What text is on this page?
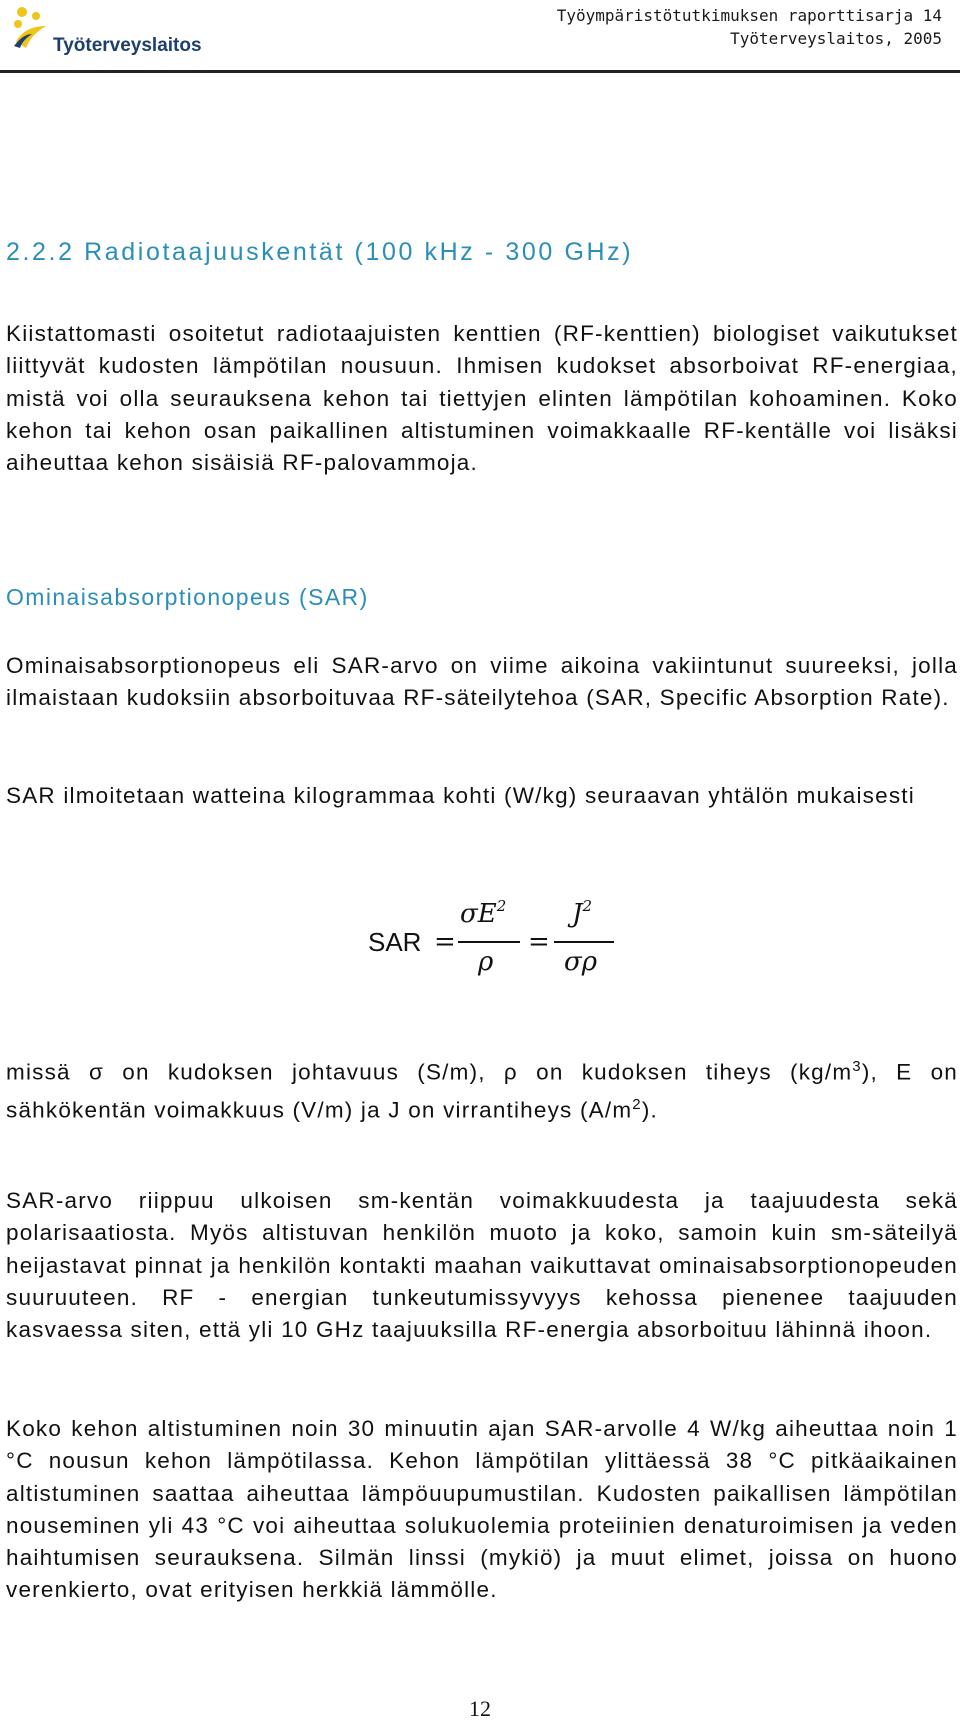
Työterveyslaitos
Työympäristötutkimuksen raporttisarja 14
Työterveyslaitos, 2005
2.2.2 Radiotaajuuskentät (100 kHz - 300 GHz)
Kiistattomasti osoitetut radiotaajuisten kenttien (RF-kenttien) biologiset vaikutukset liittyvät kudosten lämpötilan nousuun. Ihmisen kudokset absorboivat RF-energiaa, mistä voi olla seurauksena kehon tai tiettyjen elinten lämpötilan kohoaminen. Koko kehon tai kehon osan paikallinen altistuminen voimakkaalle RF-kentälle voi lisäksi aiheuttaa kehon sisäisiä RF-palovammoja.
Ominaisabsorptionopeus (SAR)
Ominaisabsorptionopeus eli SAR-arvo on viime aikoina vakiintunut suureeksi, jolla ilmaistaan kudoksiin absorboituvaa RF-säteilytehoa (SAR, Specific Absorption Rate).
SAR ilmoitetaan watteina kilogrammaa kohti (W/kg) seuraavan yhtälön mukaisesti
SAR =
$\sigma E^2$
ρ
=
$J^2$
σρ
missä σ on kudoksen johtavuus (S/m), ρ on kudoksen tiheys $(kg/m^3)$, E on sähkökentän voimakkuus (V/m) ja J on virrantiheys $(A/m^2)$.
SAR-arvo riippuu ulkoisen sm-kentän voimakkuudesta ja taajuudesta sekä polarisaatiosta. Myös altistuvan henkilön muoto ja koko, samoin kuin sm-säteilyä heijastavat pinnat ja henkilön kontakti maahan vaikuttavat ominaisabsorptionopeuden suuruuteen. RF - energian tunkeutumissyvyys kehossa pienenee taajuuden kasvaessa siten, että yli 10 GHz taajuuksilla RF-energia absorboituu lähinnä ihoon.
Koko kehon altistuminen noin 30 minuutin ajan SAR-arvolle 4 W/kg aiheuttaa noin 1 °C nousun kehon lämpötilassa. Kehon lämpötilan ylittäessä 38 °C pitkäaikainen altistuminen saattaa aiheuttaa lämpöuupumustilan. Kudosten paikallisen lämpötilan nouseminen yli 43 °C voi aiheuttaa solukuolemia proteiinien denaturoimisen ja veden haihtumisen seurauksena. Silmän linssi (mykiö) ja muut elimet, joissa on huono verenkierto, ovat erityisen herkkiä lämmölle.
12
